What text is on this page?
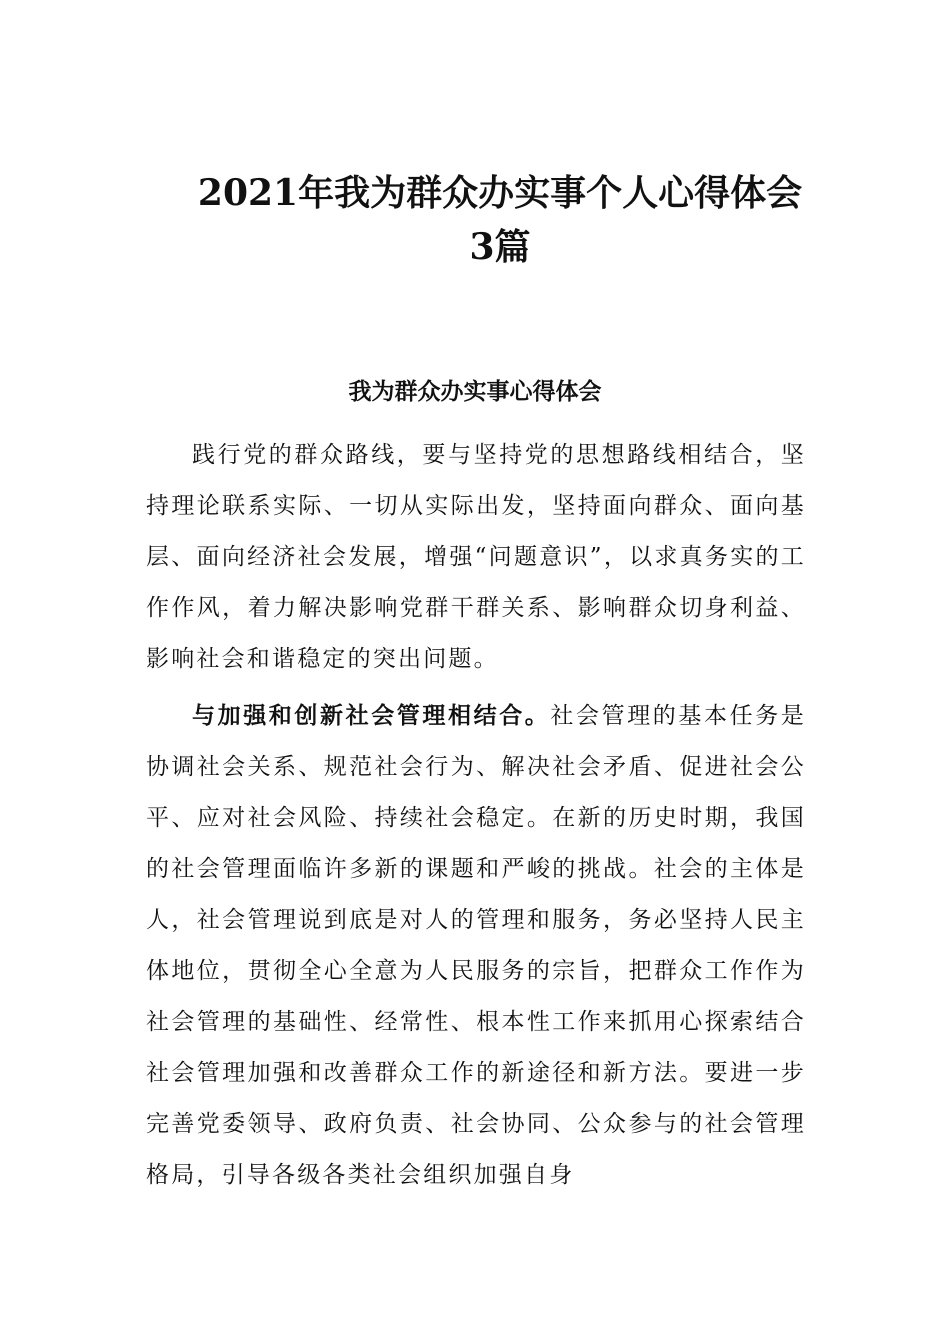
2021年我为群众办实事个人心得体会3篇
我为群众办实事心得体会

践行党的群众路线，要与坚持党的思想路线相结合，坚持理论联系实际、一切从实际出发，坚持面向群众、面向基层、面向经济社会发展，增强“问题意识”，以求真务实的工作作风，着力解决影响党群干群关系、影响群众切身利益、影响社会和谐稳定的突出问题。

与加强和创新社会管理相结合。社会管理的基本任务是协调社会关系、规范社会行为、解决社会矛盾、促进社会公平、应对社会风险、持续社会稳定。在新的历史时期，我国的社会管理面临许多新的课题和严峻的挑战。社会的主体是人，社会管理说到底是对人的管理和服务，务必坚持人民主体地位，贯彻全心全意为人民服务的宗旨，把群众工作作为社会管理的基础性、经常性、根本性工作来抓用心探索结合社会管理加强和改善群众工作的新途径和新方法。要进一步完善党委领导、政府负责、社会协同、公众参与的社会管理格局，引导各级各类社会组织加强自身
